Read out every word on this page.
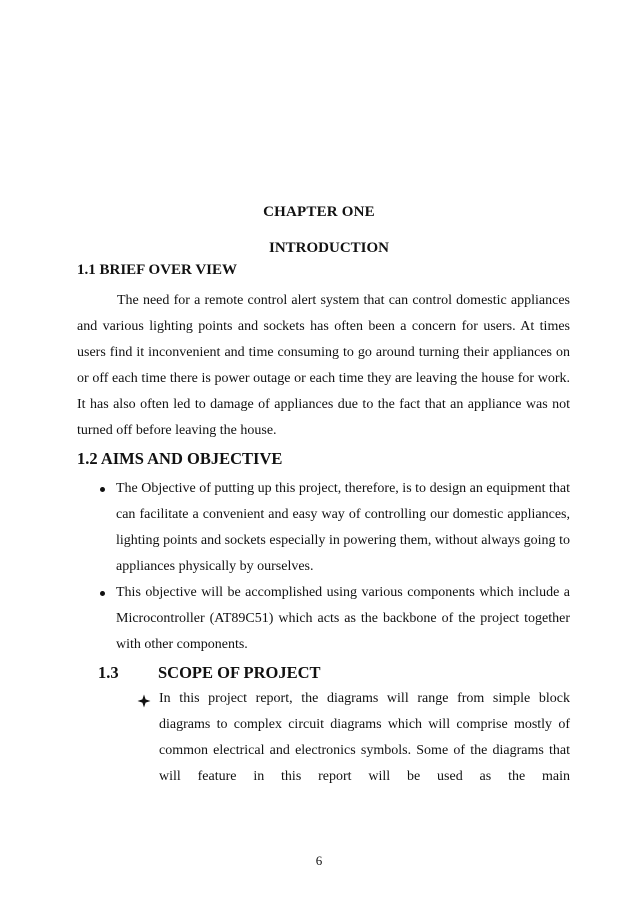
CHAPTER ONE
INTRODUCTION
1.1 BRIEF OVER VIEW

The need for a remote control alert system that can control domestic appliances and various lighting points and sockets has often been a concern for users. At times users find it inconvenient and time consuming to go around turning their appliances on or off each time there is power outage or each time they are leaving the house for work. It has also often led to damage of appliances due to the fact that an appliance was not turned off before leaving the house.

1.2 AIMS AND OBJECTIVE
The Objective of putting up this project, therefore, is to design an equipment that can facilitate a convenient and easy way of controlling our domestic appliances, lighting points and sockets especially in powering them, without always going to appliances physically by ourselves.
This objective will be accomplished using various components which include a Microcontroller (AT89C51) which acts as the backbone of the project together with other components.
1.3 SCOPE OF PROJECT
In this project report, the diagrams will range from simple block diagrams to complex circuit diagrams which will comprise mostly of common electrical and electronics symbols. Some of the diagrams that will feature in this report will be used as the main
6
